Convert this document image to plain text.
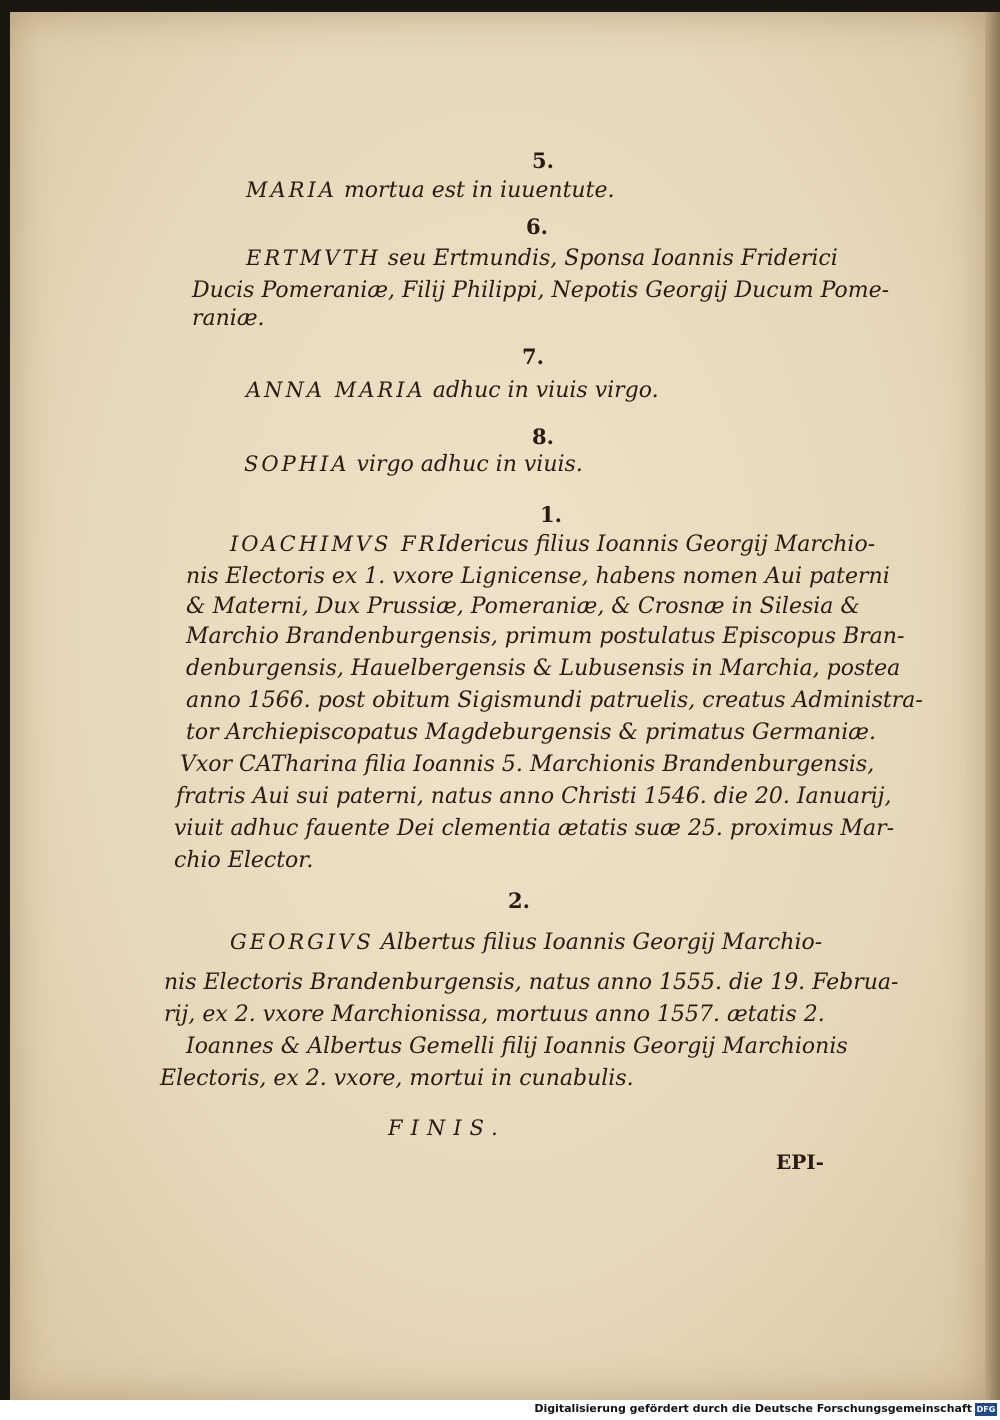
5.
MARIA mortua est in iuuentute.
6.
ERTMVTH seu Ertmundis, Sponsa Ioannis Friderici
Ducis Pomeraniæ, Filij Philippi, Nepotis Georgij Ducum Pome-
raniæ.
7.
ANNA MARIA adhuc in viuis virgo.
8.
SOPHIA virgo adhuc in viuis.
1.
IOACHIMVS FRIdericus filius Ioannis Georgij Marchio-
nis Electoris ex 1. vxore Lignicense, habens nomen Aui paterni
& Materni, Dux Prussiæ, Pomeraniæ, & Crosnæ in Silesia &
Marchio Brandenburgensis, primum postulatus Episcopus Bran-
denburgensis, Hauelbergensis & Lubusensis in Marchia, postea
anno 1566. post obitum Sigismundi patruelis, creatus Administra-
tor Archiepiscopatus Magdeburgensis & primatus Germaniæ.
Vxor CATharina filia Ioannis 5. Marchionis Brandenburgensis,
fratris Aui sui paterni, natus anno Christi 1546. die 20. Ianuarij,
viuit adhuc fauente Dei clementia ætatis suæ 25. proximus Mar-
chio Elector.
2.
GEORGIVS Albertus filius Ioannis Georgij Marchio-
nis Electoris Brandenburgensis, natus anno 1555. die 19. Februa-
rij, ex 2. vxore Marchionissa, mortuus anno 1557. ætatis 2.
Ioannes & Albertus Gemelli filij Ioannis Georgij Marchionis
Electoris, ex 2. vxore, mortui in cunabulis.
FINIS.
EPI-
Digitalisierung gefördert durch die Deutsche Forschungsgemeinschaft DFG
